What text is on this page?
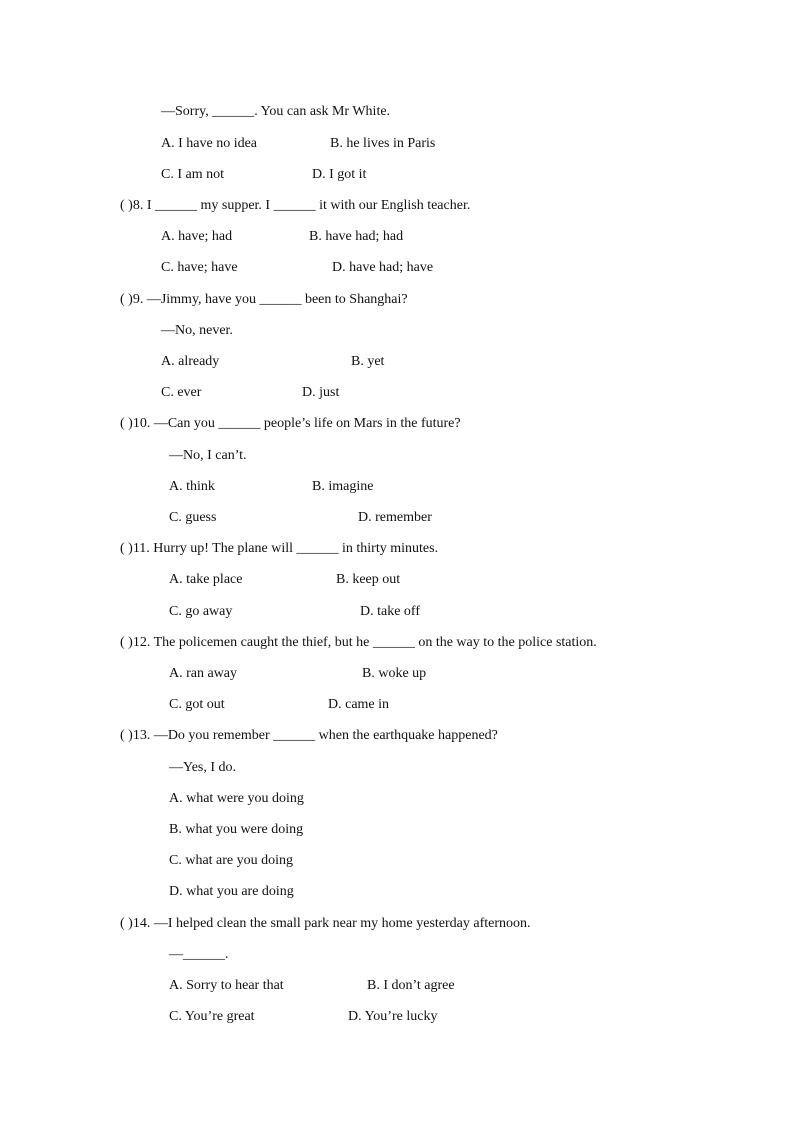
—Sorry, ______. You can ask Mr White.
A. I have no idea	B. he lives in Paris
C. I am not	D. I got it
( )8. I ______ my supper. I ______ it with our English teacher.
A. have; had	B. have had; had
C. have; have	D. have had; have
( )9. —Jimmy, have you ______ been to Shanghai?
—No, never.
A. already	B. yet
C. ever	D. just
( )10. —Can you ______ people’s life on Mars in the future?
—No, I can’t.
A. think	B. imagine
C. guess	D. remember
( )11. Hurry up! The plane will ______ in thirty minutes.
A. take place	B. keep out
C. go away	D. take off
( )12. The policemen caught the thief, but he ______ on the way to the police station.
A. ran away	B. woke up
C. got out	D. came in
( )13. —Do you remember ______ when the earthquake happened?
—Yes, I do.
A. what were you doing
B. what you were doing
C. what are you doing
D. what you are doing
( )14. —I helped clean the small park near my home yesterday afternoon.
—______.
A. Sorry to hear that	B. I don’t agree
C. You’re great	D. You’re lucky
